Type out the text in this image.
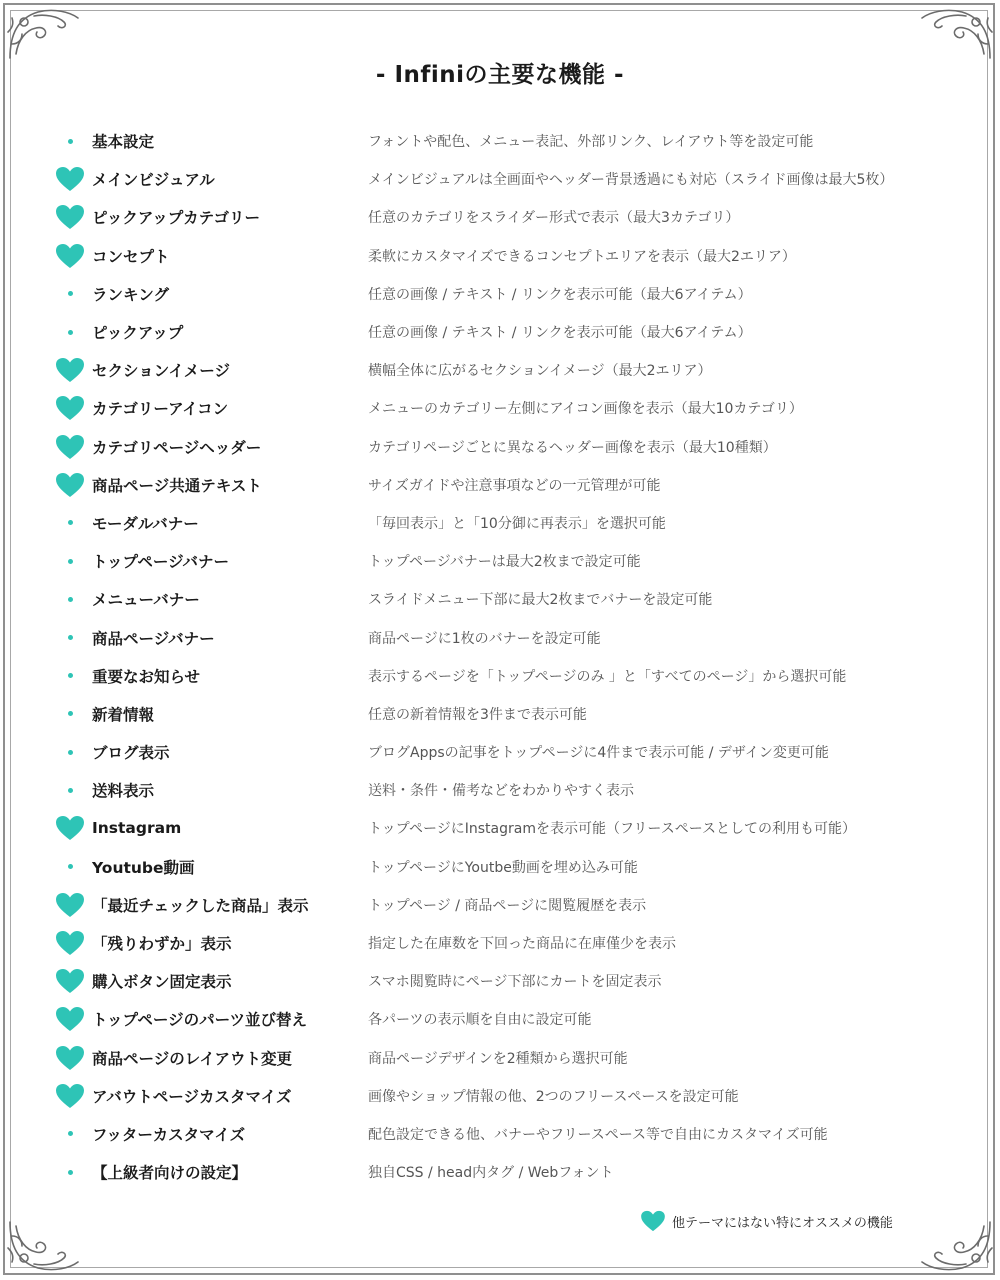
- Infiniの主要な機能 -
基本設定	フォントや配色、メニュー表記、外部リンク、レイアウト等を設定可能
メインビジュアル	メインビジュアルは全画面やヘッダー背景透過にも対応（スライド画像は最大5枚）
ピックアップカテゴリー	任意のカテゴリをスライダー形式で表示（最大3カテゴリ）
コンセプト	柔軟にカスタマイズできるコンセプトエリアを表示（最大2エリア）
ランキング	任意の画像 / テキスト / リンクを表示可能（最大6アイテム）
ピックアップ	任意の画像 / テキスト / リンクを表示可能（最大6アイテム）
セクションイメージ	横幅全体に広がるセクションイメージ（最大2エリア）
カテゴリーアイコン	メニューのカテゴリー左側にアイコン画像を表示（最大10カテゴリ）
カテゴリページヘッダー	カテゴリページごとに異なるヘッダー画像を表示（最大10種類）
商品ページ共通テキスト	サイズガイドや注意事項などの一元管理が可能
モーダルバナー	「毎回表示」と「10分御に再表示」を選択可能
トップページバナー	トップページバナーは最大2枚まで設定可能
メニューバナー	スライドメニュー下部に最大2枚までバナーを設定可能
商品ページバナー	商品ページに1枚のバナーを設定可能
重要なお知らせ	表示するページを「トップページのみ 」と「すべてのページ」から選択可能
新着情報	任意の新着情報を3件まで表示可能
ブログ表示	ブログAppsの記事をトップページに4件まで表示可能 / デザイン変更可能
送料表示	送料・条件・備考などをわかりやすく表示
Instagram	トップページにInstagramを表示可能（フリースペースとしての利用も可能）
Youtube動画	トップページにYoutbe動画を埋め込み可能
「最近チェックした商品」表示	トップページ / 商品ページに閲覧履歴を表示
「残りわずか」表示	指定した在庫数を下回った商品に在庫僅少を表示
購入ボタン固定表示	スマホ閲覧時にページ下部にカートを固定表示
トップページのパーツ並び替え	各パーツの表示順を自由に設定可能
商品ページのレイアウト変更	商品ページデザインを2種類から選択可能
アバウトページカスタマイズ	画像やショップ情報の他、2つのフリースペースを設定可能
フッターカスタマイズ	配色設定できる他、バナーやフリースペース等で自由にカスタマイズ可能
【上級者向けの設定】	独自CSS / head内タグ / Webフォント
他テーマにはない特にオススメの機能
